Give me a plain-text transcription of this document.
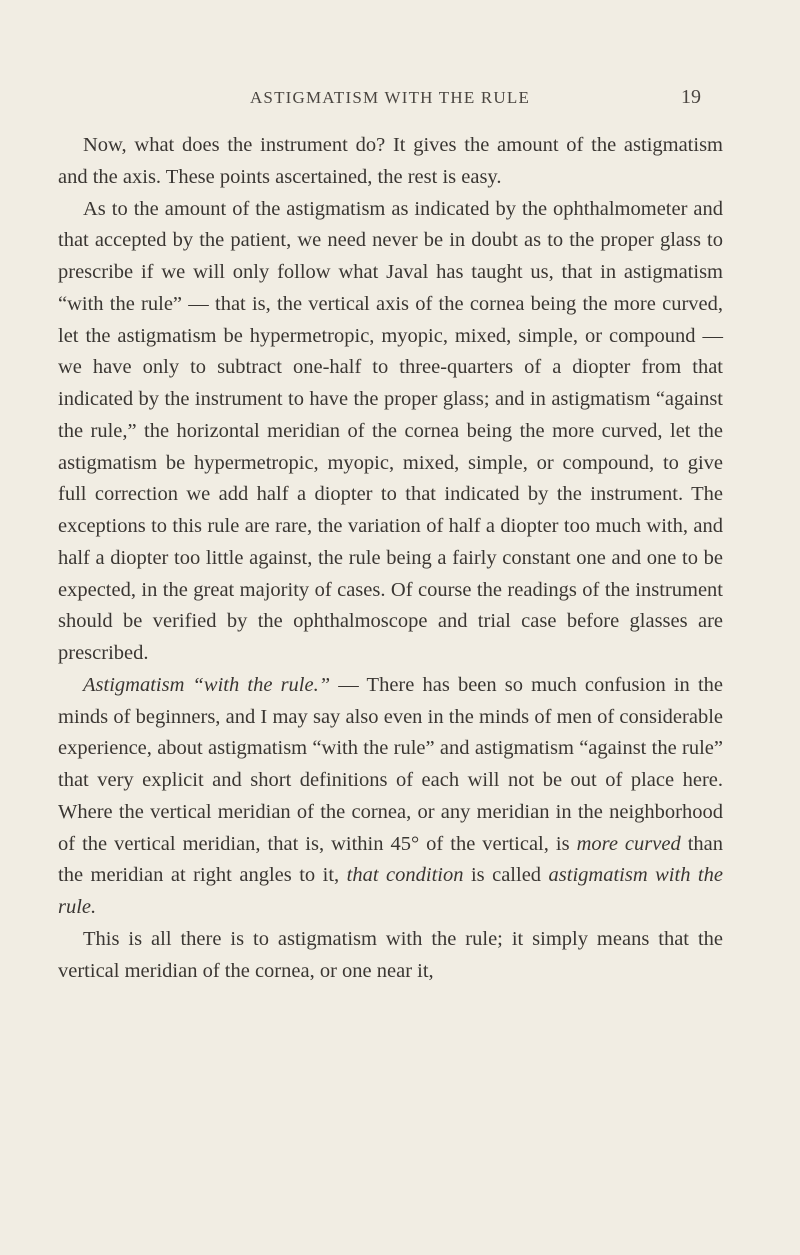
ASTIGMATISM WITH THE RULE	19

Now, what does the instrument do? It gives the amount of the astigmatism and the axis. These points ascertained, the rest is easy.

As to the amount of the astigmatism as indicated by the ophthalmometer and that accepted by the patient, we need never be in doubt as to the proper glass to prescribe if we will only follow what Javal has taught us, that in astigmatism “with the rule” — that is, the vertical axis of the cornea being the more curved, let the astigmatism be hypermetropic, myopic, mixed, simple, or compound — we have only to subtract one-half to three-quarters of a diopter from that indicated by the instrument to have the proper glass; and in astigmatism “against the rule,” the horizontal meridian of the cornea being the more curved, let the astigmatism be hypermetropic, myopic, mixed, simple, or compound, to give full correction we add half a diopter to that indicated by the instrument. The exceptions to this rule are rare, the variation of half a diopter too much with, and half a diopter too little against, the rule being a fairly constant one and one to be expected, in the great majority of cases. Of course the readings of the instrument should be verified by the ophthalmoscope and trial case before glasses are prescribed.

Astigmatism “with the rule.” — There has been so much confusion in the minds of beginners, and I may say also even in the minds of men of considerable experience, about astigmatism “with the rule” and astigmatism “against the rule” that very explicit and short definitions of each will not be out of place here. Where the vertical meridian of the cornea, or any meridian in the neighborhood of the vertical meridian, that is, within 45° of the vertical, is more curved than the meridian at right angles to it, that condition is called astigmatism with the rule.

This is all there is to astigmatism with the rule; it simply means that the vertical meridian of the cornea, or one near it,
